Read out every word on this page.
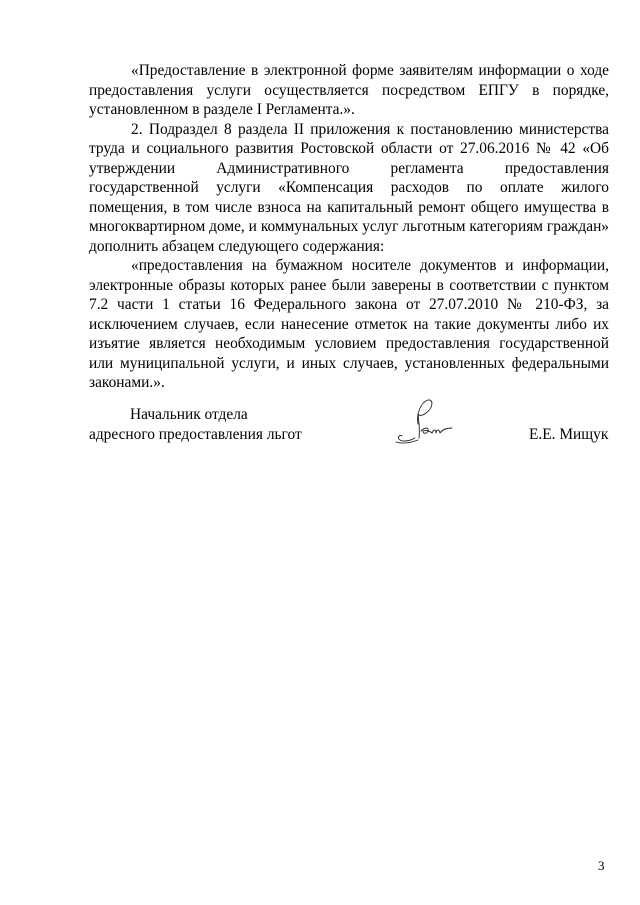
«Предоставление в электронной форме заявителям информации о ходе предоставления услуги осуществляется посредством ЕПГУ в порядке, установленном в разделе I Регламента.».

2. Подраздел 8 раздела II приложения к постановлению министерства труда и социального развития Ростовской области от 27.06.2016 № 42 «Об утверждении Административного регламента предоставления государственной услуги «Компенсация расходов по оплате жилого помещения, в том числе взноса на капитальный ремонт общего имущества в многоквартирном доме, и коммунальных услуг льготным категориям граждан» дополнить абзацем следующего содержания:

«предоставления на бумажном носителе документов и информации, электронные образы которых ранее были заверены в соответствии с пунктом 7.2 части 1 статьи 16 Федерального закона от 27.07.2010 № 210-ФЗ, за исключением случаев, если нанесение отметок на такие документы либо их изъятие является необходимым условием предоставления государственной или муниципальной услуги, и иных случаев, установленных федеральными законами.».

Начальник отдела
адресного предоставления льгот	Е.Е. Мищук
3
